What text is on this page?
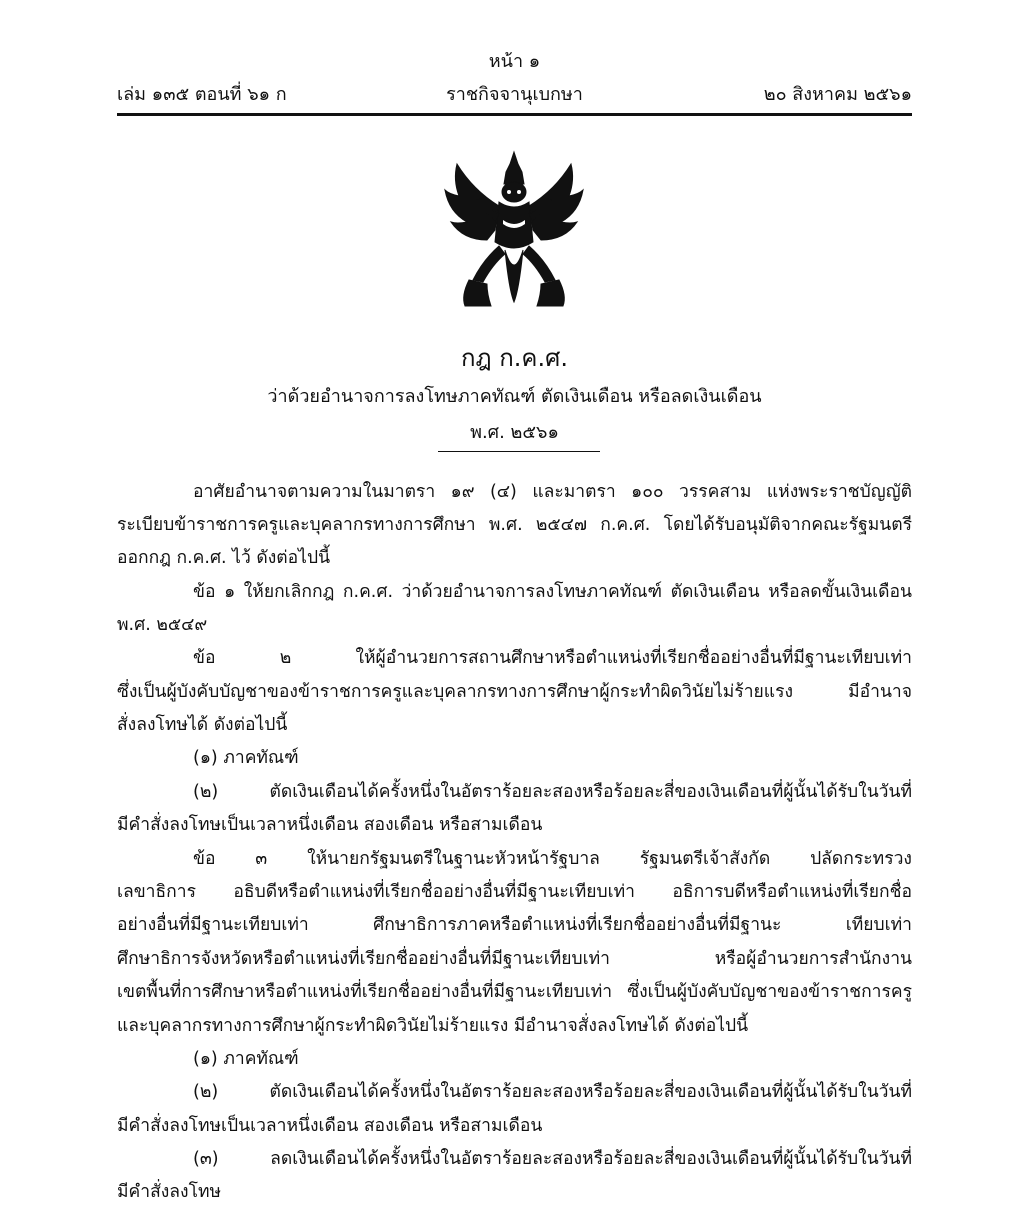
หน้า ๑
เล่ม ๑๓๕ ตอนที่ ๖๑ ก	ราชกิจจานุเบกษา	๒๐ สิงหาคม ๒๕๖๑
กฎ ก.ค.ศ.
ว่าด้วยอำนาจการลงโทษภาคทัณฑ์ ตัดเงินเดือน หรือลดเงินเดือน
พ.ศ. ๒๕๖๑
อาศัยอำนาจตามความในมาตรา ๑๙ (๔) และมาตรา ๑๐๐ วรรคสาม แห่งพระราชบัญญัติ
ระเบียบข้าราชการครูและบุคลากรทางการศึกษา พ.ศ. ๒๕๔๗ ก.ค.ศ. โดยได้รับอนุมัติจากคณะรัฐมนตรี
ออกกฎ ก.ค.ศ. ไว้ ดังต่อไปนี้
ข้อ ๑ ให้ยกเลิกกฎ ก.ค.ศ. ว่าด้วยอำนาจการลงโทษภาคทัณฑ์ ตัดเงินเดือน หรือลดขั้นเงินเดือน
พ.ศ. ๒๕๔๙
ข้อ	๒	ให้ผู้อำนวยการสถานศึกษาหรือตำแหน่งที่เรียกชื่ออย่างอื่นที่มีฐานะเทียบเท่า
ซึ่งเป็นผู้บังคับบัญชาของข้าราชการครูและบุคลากรทางการศึกษาผู้กระทำผิดวินัยไม่ร้ายแรง	มีอำนาจ
สั่งลงโทษได้ ดังต่อไปนี้
(๑) ภาคทัณฑ์
(๒)	ตัดเงินเดือนได้ครั้งหนึ่งในอัตราร้อยละสองหรือร้อยละสี่ของเงินเดือนที่ผู้นั้นได้รับในวันที่
มีคำสั่งลงโทษเป็นเวลาหนึ่งเดือน สองเดือน หรือสามเดือน
ข้อ ๓ ให้นายกรัฐมนตรีในฐานะหัวหน้ารัฐบาล รัฐมนตรีเจ้าสังกัด ปลัดกระทรวง
เลขาธิการ อธิบดีหรือตำแหน่งที่เรียกชื่ออย่างอื่นที่มีฐานะเทียบเท่า อธิการบดีหรือตำแหน่งที่เรียกชื่อ
อย่างอื่นที่มีฐานะเทียบเท่า	ศึกษาธิการภาคหรือตำแหน่งที่เรียกชื่ออย่างอื่นที่มีฐานะ	เทียบเท่า
ศึกษาธิการจังหวัดหรือตำแหน่งที่เรียกชื่ออย่างอื่นที่มีฐานะเทียบเท่า	หรือผู้อำนวยการสำนักงาน
เขตพื้นที่การศึกษาหรือตำแหน่งที่เรียกชื่ออย่างอื่นที่มีฐานะเทียบเท่า ซึ่งเป็นผู้บังคับบัญชาของข้าราชการครู
และบุคลากรทางการศึกษาผู้กระทำผิดวินัยไม่ร้ายแรง มีอำนาจสั่งลงโทษได้ ดังต่อไปนี้
(๑) ภาคทัณฑ์
(๒)	ตัดเงินเดือนได้ครั้งหนึ่งในอัตราร้อยละสองหรือร้อยละสี่ของเงินเดือนที่ผู้นั้นได้รับในวันที่
มีคำสั่งลงโทษเป็นเวลาหนึ่งเดือน สองเดือน หรือสามเดือน
(๓)	ลดเงินเดือนได้ครั้งหนึ่งในอัตราร้อยละสองหรือร้อยละสี่ของเงินเดือนที่ผู้นั้นได้รับในวันที่
มีคำสั่งลงโทษ
